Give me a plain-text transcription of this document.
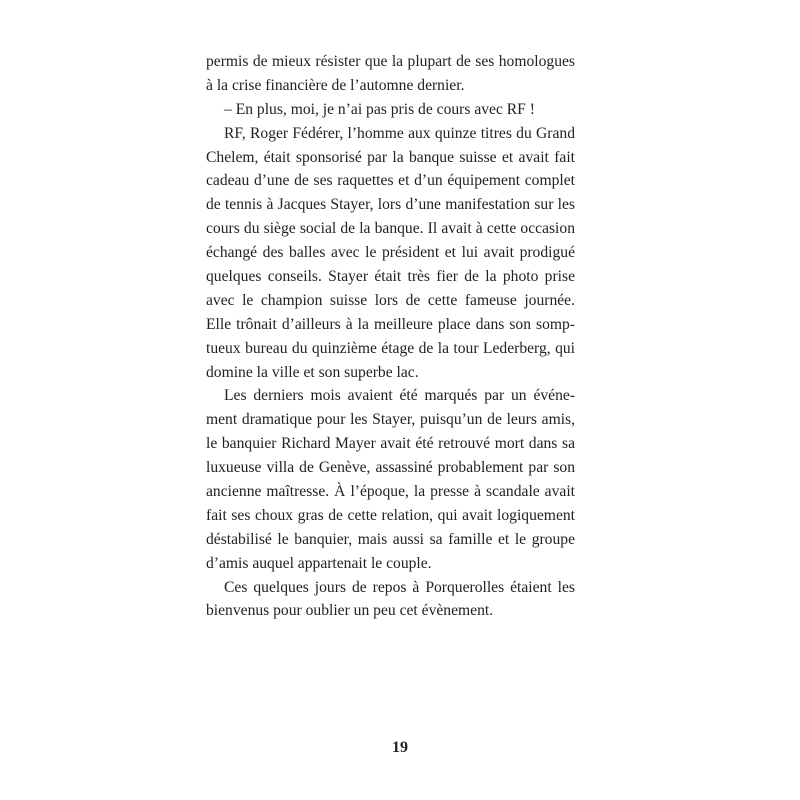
permis de mieux résister que la plupart de ses homologues
à la crise financière de l’automne dernier.
– En plus, moi, je n’ai pas pris de cours avec RF !
RF, Roger Fédérer, l’homme aux quinze titres du Grand
Chelem, était sponsorisé par la banque suisse et avait fait
cadeau d’une de ses raquettes et d’un équipement complet
de tennis à Jacques Stayer, lors d’une manifestation sur les
cours du siège social de la banque. Il avait à cette occasion
échangé des balles avec le président et lui avait prodigué
quelques conseils. Stayer était très fier de la photo prise
avec le champion suisse lors de cette fameuse journée.
Elle trônait d’ailleurs à la meilleure place dans son somp-
tueux bureau du quinzième étage de la tour Lederberg, qui
domine la ville et son superbe lac.
Les derniers mois avaient été marqués par un événe-
ment dramatique pour les Stayer, puisqu’un de leurs amis,
le banquier Richard Mayer avait été retrouvé mort dans sa
luxueuse villa de Genève, assassiné probablement par son
ancienne maîtresse. À l’époque, la presse à scandale avait
fait ses choux gras de cette relation, qui avait logiquement
déstabilisé le banquier, mais aussi sa famille et le groupe
d’amis auquel appartenait le couple.
Ces quelques jours de repos à Porquerolles étaient les
bienvenus pour oublier un peu cet évènement.
19
